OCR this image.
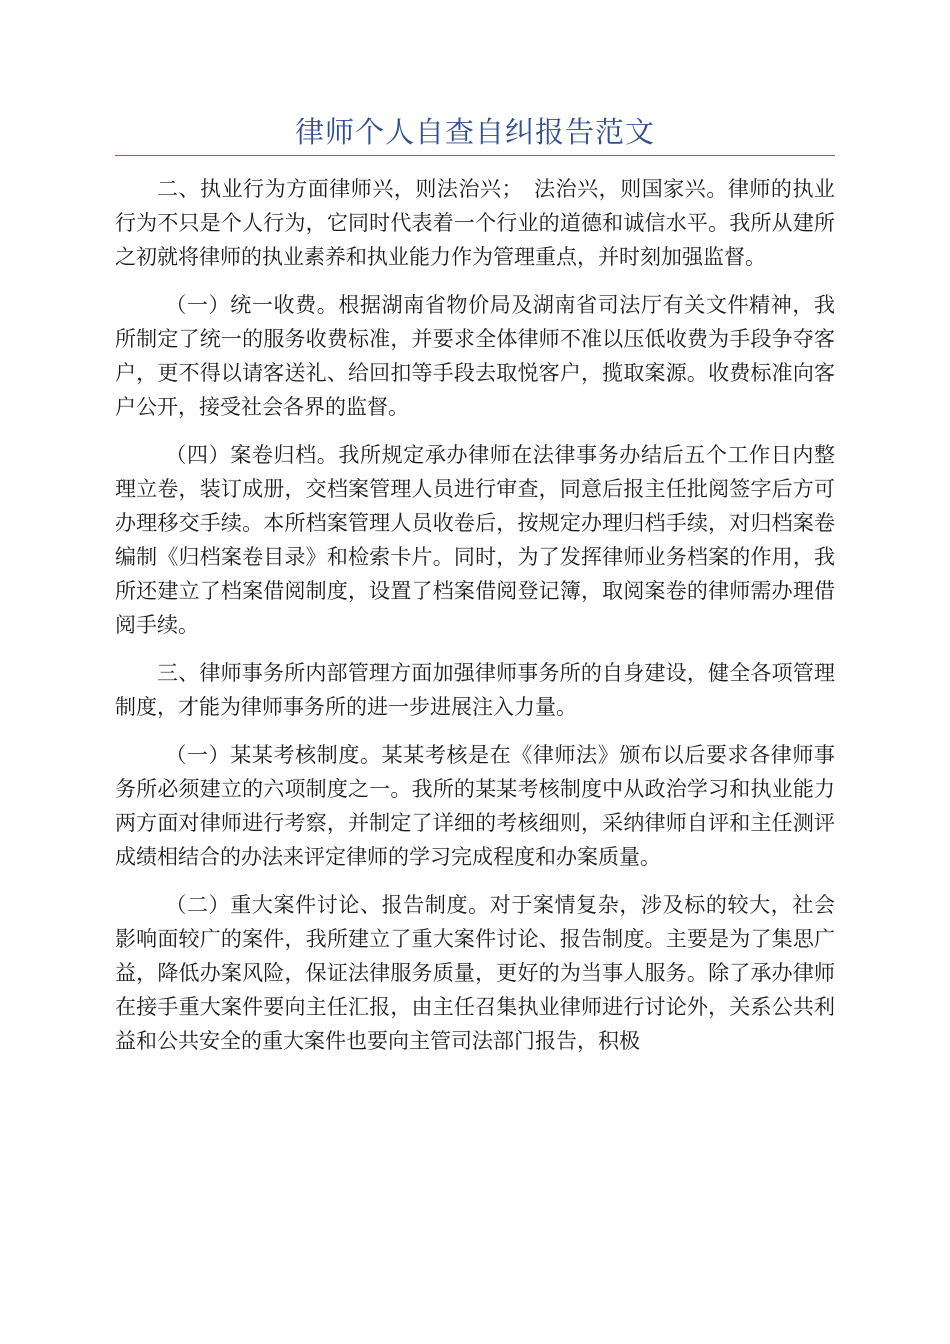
律师个人自查自纠报告范文

二、执业行为方面律师兴，则法治兴；　法治兴，则国家兴。律师的执业行为不只是个人行为，它同时代表着一个行业的道德和诚信水平。我所从建所之初就将律师的执业素养和执业能力作为管理重点，并时刻加强监督。

（一）统一收费。根据湖南省物价局及湖南省司法厅有关文件精神，我所制定了统一的服务收费标准，并要求全体律师不准以压低收费为手段争夺客户，更不得以请客送礼、给回扣等手段去取悦客户，揽取案源。收费标准向客户公开，接受社会各界的监督。

（四）案卷归档。我所规定承办律师在法律事务办结后五个工作日内整理立卷，装订成册，交档案管理人员进行审查，同意后报主任批阅签字后方可办理移交手续。本所档案管理人员收卷后，按规定办理归档手续，对归档案卷编制《归档案卷目录》和检索卡片。同时，为了发挥律师业务档案的作用，我所还建立了档案借阅制度，设置了档案借阅登记簿，取阅案卷的律师需办理借阅手续。

三、律师事务所内部管理方面加强律师事务所的自身建设，健全各项管理制度，才能为律师事务所的进一步进展注入力量。

（一）某某考核制度。某某考核是在《律师法》颁布以后要求各律师事务所必须建立的六项制度之一。我所的某某考核制度中从政治学习和执业能力两方面对律师进行考察，并制定了详细的考核细则，采纳律师自评和主任测评成绩相结合的办法来评定律师的学习完成程度和办案质量。

（二）重大案件讨论、报告制度。对于案情复杂，涉及标的较大，社会影响面较广的案件，我所建立了重大案件讨论、报告制度。主要是为了集思广益，降低办案风险，保证法律服务质量，更好的为当事人服务。除了承办律师在接手重大案件要向主任汇报，由主任召集执业律师进行讨论外，关系公共利益和公共安全的重大案件也要向主管司法部门报告，积极
